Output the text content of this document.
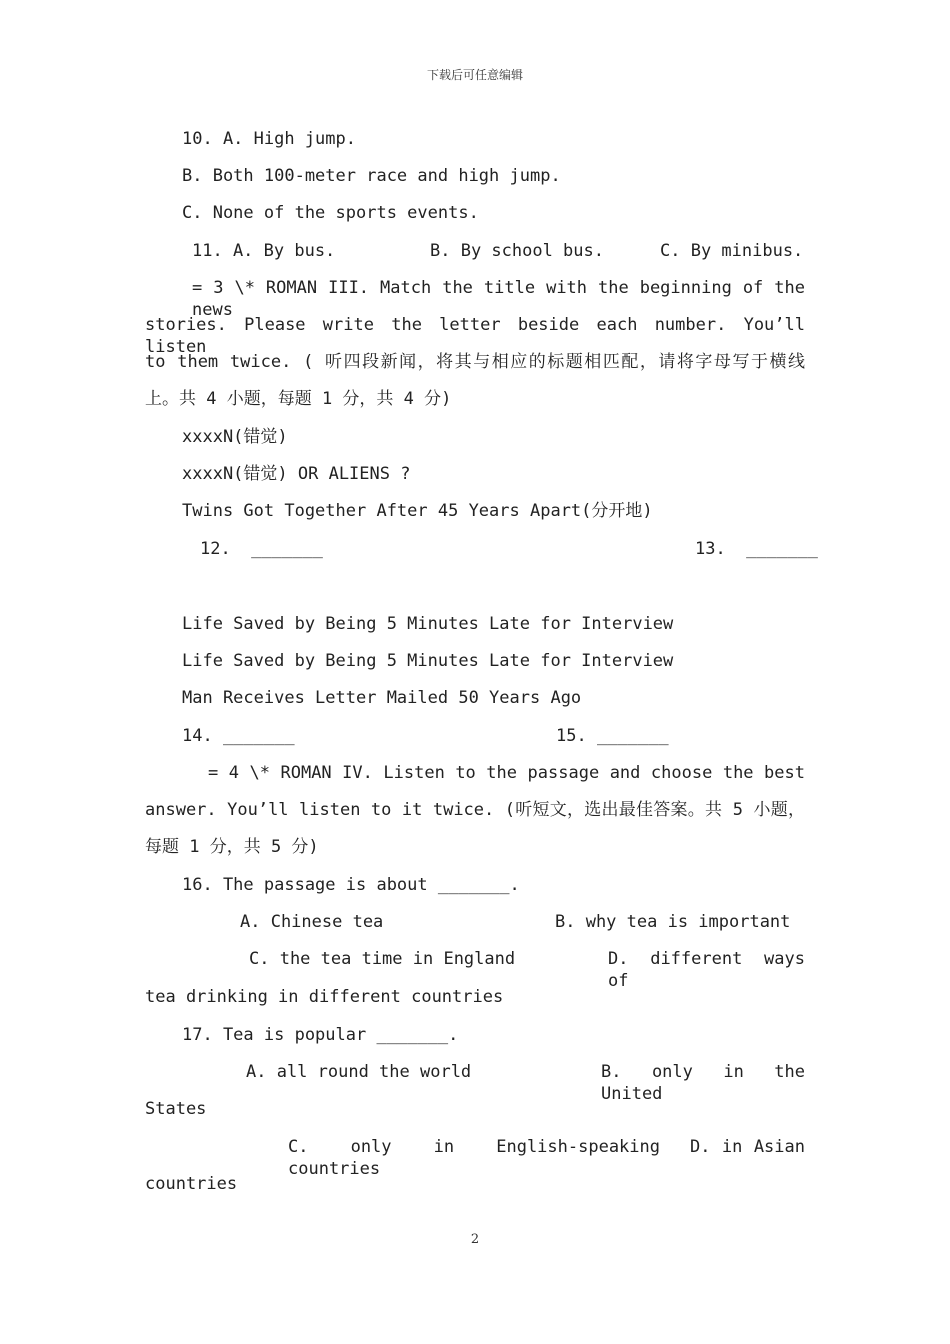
下载后可任意编辑
10. A. High jump.
B. Both 100-meter race and high jump.
C. None of the sports events.
11. A. By bus.	B. By school bus.	C. By minibus.
= 3 \* ROMAN III. Match the title with the beginning of the news
stories. Please write the letter beside each number. You’ll listen
to them twice. ( 听四段新闻，将其与相应的标题相匹配，请将字母写于横线
上。共 4 小题，每题 1 分，共 4 分)
xxxxN(错觉)
xxxxN(错觉) OR ALIENS ?
Twins Got Together After 45 Years Apart(分开地)
12.  _______	13.  _______
Life Saved by Being 5 Minutes Late for Interview
Life Saved by Being 5 Minutes Late for Interview
Man Receives Letter Mailed 50 Years Ago
14. _______	15. _______
= 4 \* ROMAN IV. Listen to the passage and choose the best
answer. You’ll listen to it twice. (听短文，选出最佳答案。共 5 小题，
每题 1 分，共 5 分)
16. The passage is about _______.
A. Chinese tea	B. why tea is important
C. the tea time in England	D. different ways of
tea drinking in different countries
17. Tea is popular _______.
A. all round the world	B. only in the United
States
C. only in English-speaking countries
D. in Asian
countries
2
